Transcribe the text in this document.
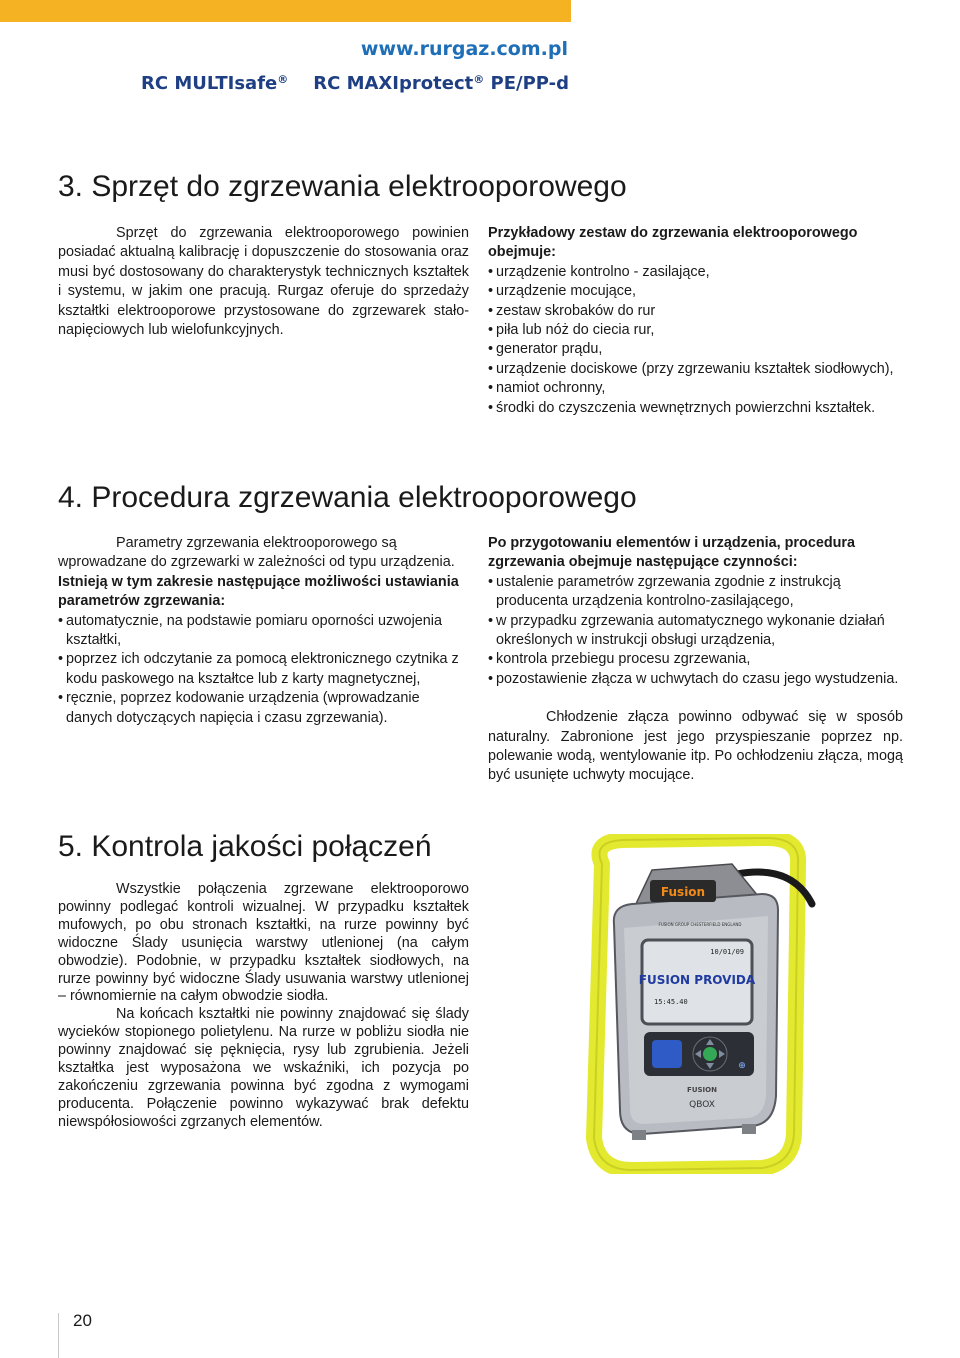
www.rurgaz.com.pl
RC MULTIsafe® RC MAXIprotect® PE/PP-d
3. Sprzęt do zgrzewania elektrooporowego

Sprzęt do zgrzewania elektrooporowego powinien posiadać aktualną kalibrację i dopuszczenie do stosowania oraz musi być dostosowany do charakterystyk technicznych kształtek i systemu, w jakim one pracują. Rurgaz oferuje do sprzedaży kształtki elektrooporowe przystosowane do zgrzewarek stało-napięciowych lub wielofunkcyjnych.

Przykładowy zestaw do zgrzewania elektrooporowego obejmuje:

• urządzenie kontrolno - zasilające,
• urządzenie mocujące,
• zestaw skrobaków do rur
• piła lub nóż do ciecia rur,
• generator prądu,
• urządzenie dociskowe (przy zgrzewaniu kształtek siodłowych),
• namiot ochronny,
• środki do czyszczenia wewnętrznych powierzchni kształtek.
4. Procedura zgrzewania elektrooporowego

Parametry zgrzewania elektrooporowego są wprowadzane do zgrzewarki w zależności od typu urządzenia.

Istnieją w tym zakresie następujące możliwości ustawiania parametrów zgrzewania:

• automatycznie, na podstawie pomiaru oporności uzwojenia kształtki,
• poprzez ich odczytanie za pomocą elektronicznego czytnika z kodu paskowego na kształtce lub z karty magnetycznej,
• ręcznie, poprzez kodowanie urządzenia (wprowadzanie danych dotyczących napięcia i czasu zgrzewania).

Po przygotowaniu elementów i urządzenia, procedura zgrzewania obejmuje następujące czynności:

• ustalenie parametrów zgrzewania zgodnie z instrukcją producenta urządzenia kontrolno-zasilającego,
• w przypadku zgrzewania automatycznego wykonanie działań określonych w instrukcji obsługi urządzenia,
• kontrola przebiegu procesu zgrzewania,
• pozostawienie złącza w uchwytach do czasu jego wystudzenia.

Chłodzenie złącza powinno odbywać się w sposób naturalny. Zabronione jest jego przyspieszanie poprzez np. polewanie wodą, wentylowanie itp. Po ochłodzeniu złącza, mogą być usunięte uchwyty mocujące.

5. Kontrola jakości połączeń

Wszystkie połączenia zgrzewane elektrooporowo powinny podlegać kontroli wizualnej. W przypadku kształtek mufowych, po obu stronach kształtki, na rurze powinny być widoczne Ślady usunięcia warstwy utlenionej (na całym obwodzie). Podobnie, w przypadku kształtek siodłowych, na rurze powinny być widoczne Ślady usuwania warstwy utlenionej – równomiernie na całym obwodzie siodła.

Na końcach kształtki nie powinny znajdować się ślady wycieków stopionego polietylenu. Na rurze w pobliżu siodła nie powinny znajdować się pęknięcia, rysy lub zgrubienia. Jeżeli kształtka jest wyposażona we wskaźniki, ich pozycja po zakończeniu zgrzewania powinna być zgodna z wymogami producenta. Połączenie powinno wykazywać brak defektu niewspółosiowości zgrzanych elementów.

Fusion
FUSION GROUP CHESTERFIELD ENGLAND
10/01/09
FUSION PROVIDA
15:45.40
⊕
FUSION
QBOX
20
